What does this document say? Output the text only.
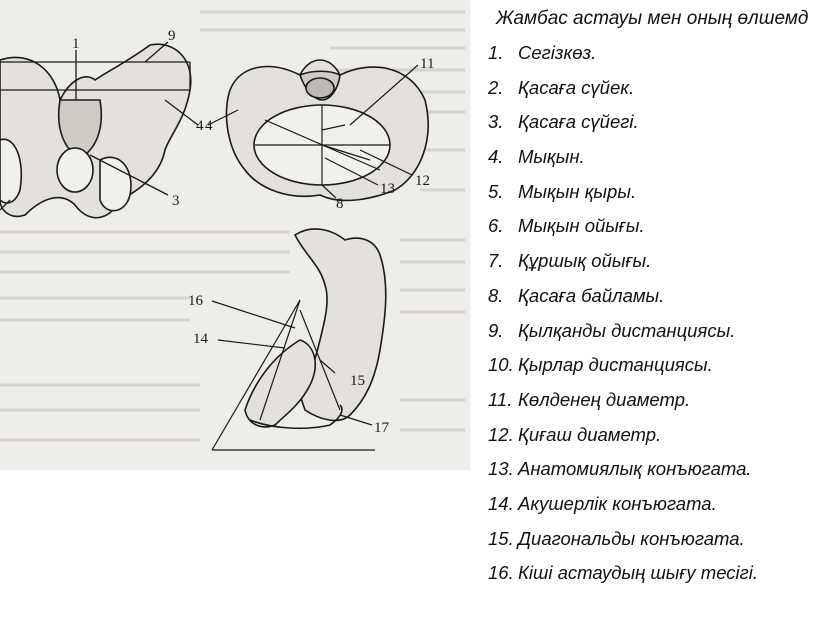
1	9
4
3
4
11
12
13
8
16
14
15
17
Жамбас астауы мен оның өлшемд
1. Сегізкөз.
2. Қасаға сүйек.
3. Қасаға сүйегі.
4. Мықын.
5. Мықын қыры.
6. Мықын ойығы.
7. Құршық ойығы.
8. Қасаға байламы.
9. Қылқанды дистанциясы.
10. Қырлар дистанциясы.
11. Көлденең диаметр.
12. Қиғаш диаметр.
13. Анатомиялық конъюгата.
14. Акушерлік конъюгата.
15. Диагональды конъюгата.
16. Кіші астаудың шығу тесігі.
